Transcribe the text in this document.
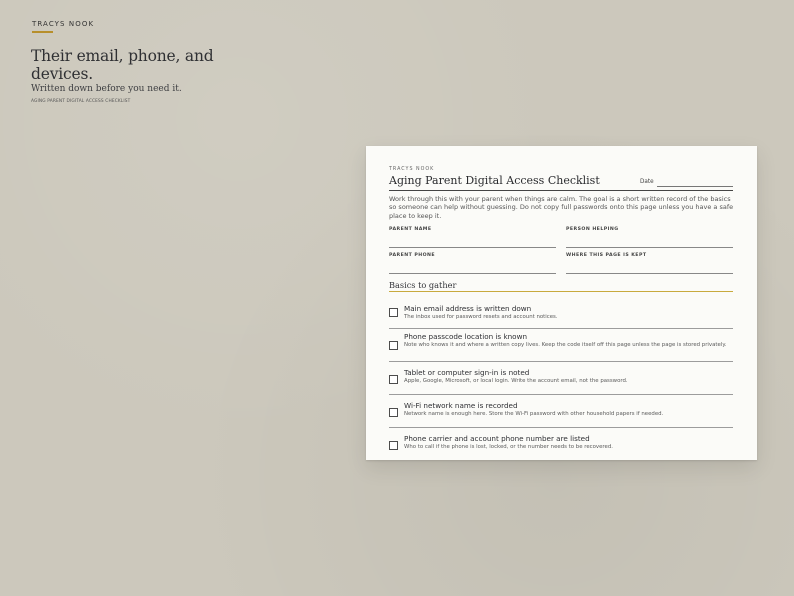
TRACYS NOOK
Their email, phone, and devices.
Written down before you need it.
AGING PARENT DIGITAL ACCESS CHECKLIST
TRACYS NOOK
Aging Parent Digital Access Checklist	Date
Work through this with your parent when things are calm. The goal is a short written record of the basics so someone can help without guessing. Do not copy full passwords onto this page unless you have a safe place to keep it.
PARENT NAME	PERSON HELPING
PARENT PHONE	WHERE THIS PAGE IS KEPT
Basics to gather
Main email address is written down
The inbox used for password resets and account notices.
Phone passcode location is known
Note who knows it and where a written copy lives. Keep the code itself off this page unless the page is stored privately.
Tablet or computer sign-in is noted
Apple, Google, Microsoft, or local login. Write the account email, not the password.
Wi-Fi network name is recorded
Network name is enough here. Store the Wi-Fi password with other household papers if needed.
Phone carrier and account phone number are listed
Who to call if the phone is lost, locked, or the number needs to be recovered.
